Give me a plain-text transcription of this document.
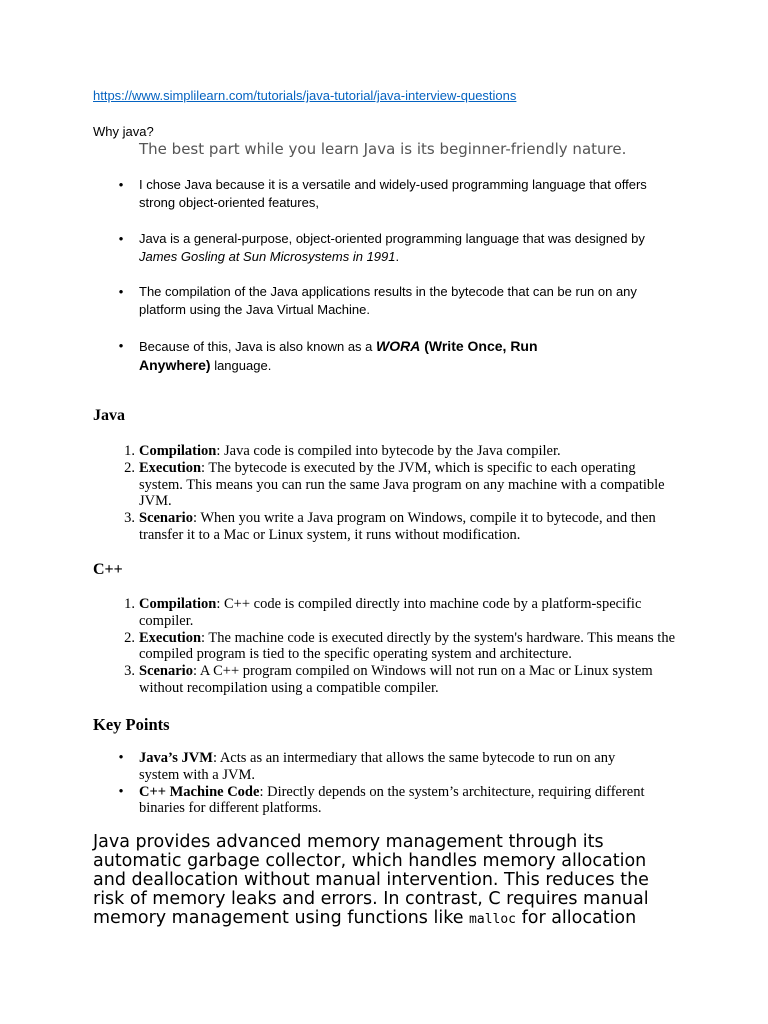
https://www.simplilearn.com/tutorials/java-tutorial/java-interview-questions
Why java?
The best part while you learn Java is its beginner-friendly nature.
• I chose Java because it is a versatile and widely-used programming language that offers strong object-oriented features,
• Java is a general-purpose, object-oriented programming language that was designed by James Gosling at Sun Microsystems in 1991.
• The compilation of the Java applications results in the bytecode that can be run on any platform using the Java Virtual Machine.
• Because of this, Java is also known as a WORA (Write Once, Run Anywhere) language.
Java
1. Compilation: Java code is compiled into bytecode by the Java compiler.
2. Execution: The bytecode is executed by the JVM, which is specific to each operating system. This means you can run the same Java program on any machine with a compatible JVM.
3. Scenario: When you write a Java program on Windows, compile it to bytecode, and then transfer it to a Mac or Linux system, it runs without modification.
C++
1. Compilation: C++ code is compiled directly into machine code by a platform-specific compiler.
2. Execution: The machine code is executed directly by the system's hardware. This means the compiled program is tied to the specific operating system and architecture.
3. Scenario: A C++ program compiled on Windows will not run on a Mac or Linux system without recompilation using a compatible compiler.
Key Points
• Java’s JVM: Acts as an intermediary that allows the same bytecode to run on any system with a JVM.
• C++ Machine Code: Directly depends on the system’s architecture, requiring different binaries for different platforms.
Java provides advanced memory management through its automatic garbage collector, which handles memory allocation and deallocation without manual intervention. This reduces the risk of memory leaks and errors. In contrast, C requires manual memory management using functions like malloc for allocation
